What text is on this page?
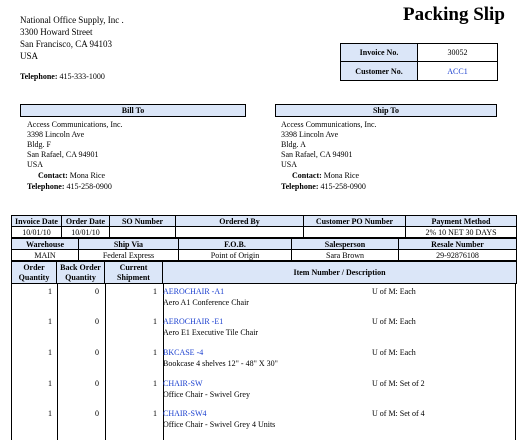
National Office Supply, Inc .
3300 Howard Street
San Francisco, CA 94103
USA
Telephone: 415-333-1000
Packing Slip
Invoice No.	30052
Customer No.	ACC1
Bill To
Access Communications, Inc.
3398 Lincoln Ave
Bldg. F
San Rafael, CA 94901
USA
Contact: Mona Rice
Telephone: 415-258-0900
Ship To
Access Communications, Inc.
3398 Lincoln Ave
Bldg. A
San Rafael, CA 94901
USA
Contact: Mona Rice
Telephone: 415-258-0900
Invoice Date	Order Date	SO Number	Ordered By	Customer PO Number	Payment Method
10/01/10	10/01/10				2% 10 NET 30 DAYS
Warehouse	Ship Via	F.O.B.	Salesperson	Resale Number
MAIN	Federal Express	Point of Origin	Sara Brown	29-92876108
Order Quantity	Back Order Quantity	Current Shipment	Item Number / Description
1	0	1 AEROCHAIR -A1
Aero A1 Conference Chair
U of M: Each
1	0	1 AEROCHAIR -E1
Aero E1 Executive Tile Chair
U of M: Each
1	0	1 BKCASE -4
Bookcase 4 shelves 12" - 48" X 30"
U of M: Each
1	0	1 CHAIR-SW
Office Chair - Swivel Grey
U of M: Set of 2
1	0	1 CHAIR-SW4
Office Chair - Swivel Grey 4 Units
U of M: Set of 4
